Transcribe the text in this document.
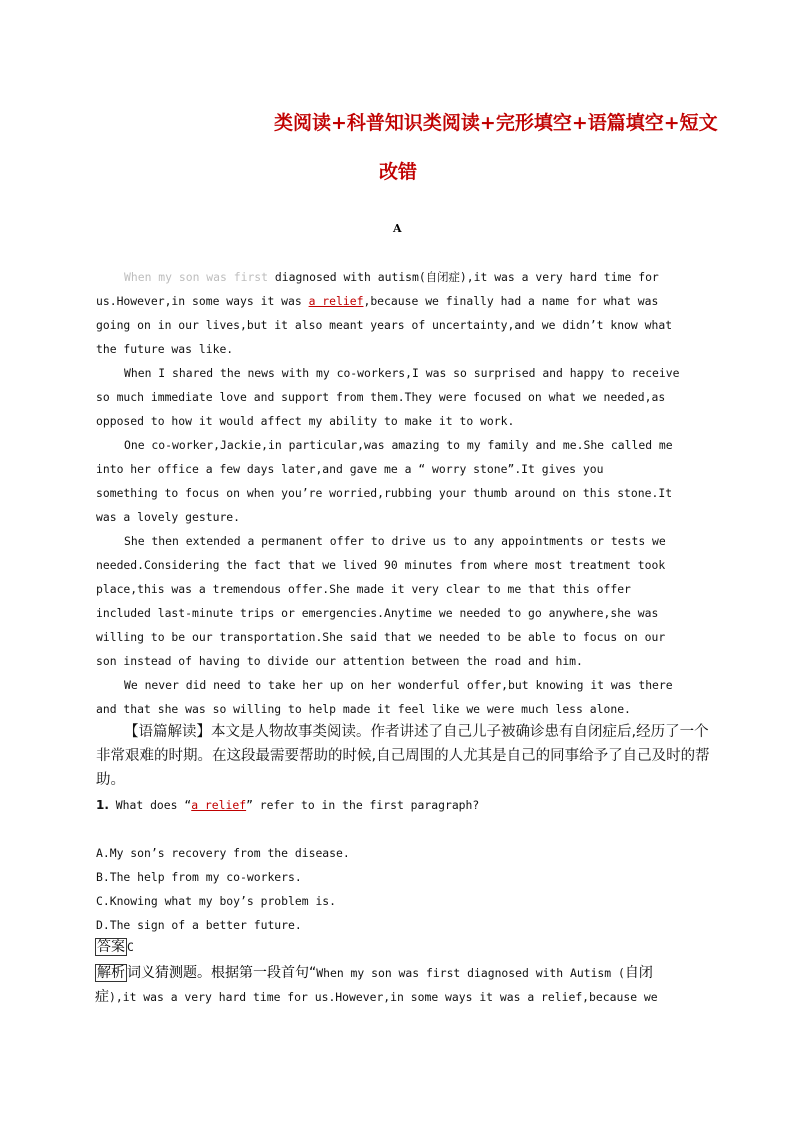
类阅读+科普知识类阅读+完形填空+语篇填空+短文
改错
A
When my son was first diagnosed with autism(自闭症),it was a very hard time for
us.However,in some ways it was a relief,because we finally had a name for what was
going on in our lives,but it also meant years of uncertainty,and we didn’t know what
the future was like.
When I shared the news with my co-workers,I was so surprised and happy to receive
so much immediate love and support from them.They were focused on what we needed,as
opposed to how it would affect my ability to make it to work.
One co-worker,Jackie,in particular,was amazing to my family and me.She called me
into her office a few days later,and gave me a “ worry stone”.It gives you
something to focus on when you’re worried,rubbing your thumb around on this stone.It
was a lovely gesture.
She then extended a permanent offer to drive us to any appointments or tests we
needed.Considering the fact that we lived 90 minutes from where most treatment took
place,this was a tremendous offer.She made it very clear to me that this offer
included last-minute trips or emergencies.Anytime we needed to go anywhere,she was
willing to be our transportation.She said that we needed to be able to focus on our
son instead of having to divide our attention between the road and him.
We never did need to take her up on her wonderful offer,but knowing it was there
and that she was so willing to help made it feel like we were much less alone.
【语篇解读】本文是人物故事类阅读。作者讲述了自己儿子被确诊患有自闭症后,经历了一个
非常艰难的时期。在这段最需要帮助的时候,自己周围的人尤其是自己的同事给予了自己及时的帮
助。
1. What does “a relief” refer to in the first paragraph?
A.My son’s recovery from the disease.
B.The help from my co-workers.
C.Knowing what my boy’s problem is.
D.The sign of a better future.
答案 C
解析 词义猜测题。根据第一段首句“When my son was first diagnosed with Autism (自闭
症),it was a very hard time for us.However,in some ways it was a relief,because we
